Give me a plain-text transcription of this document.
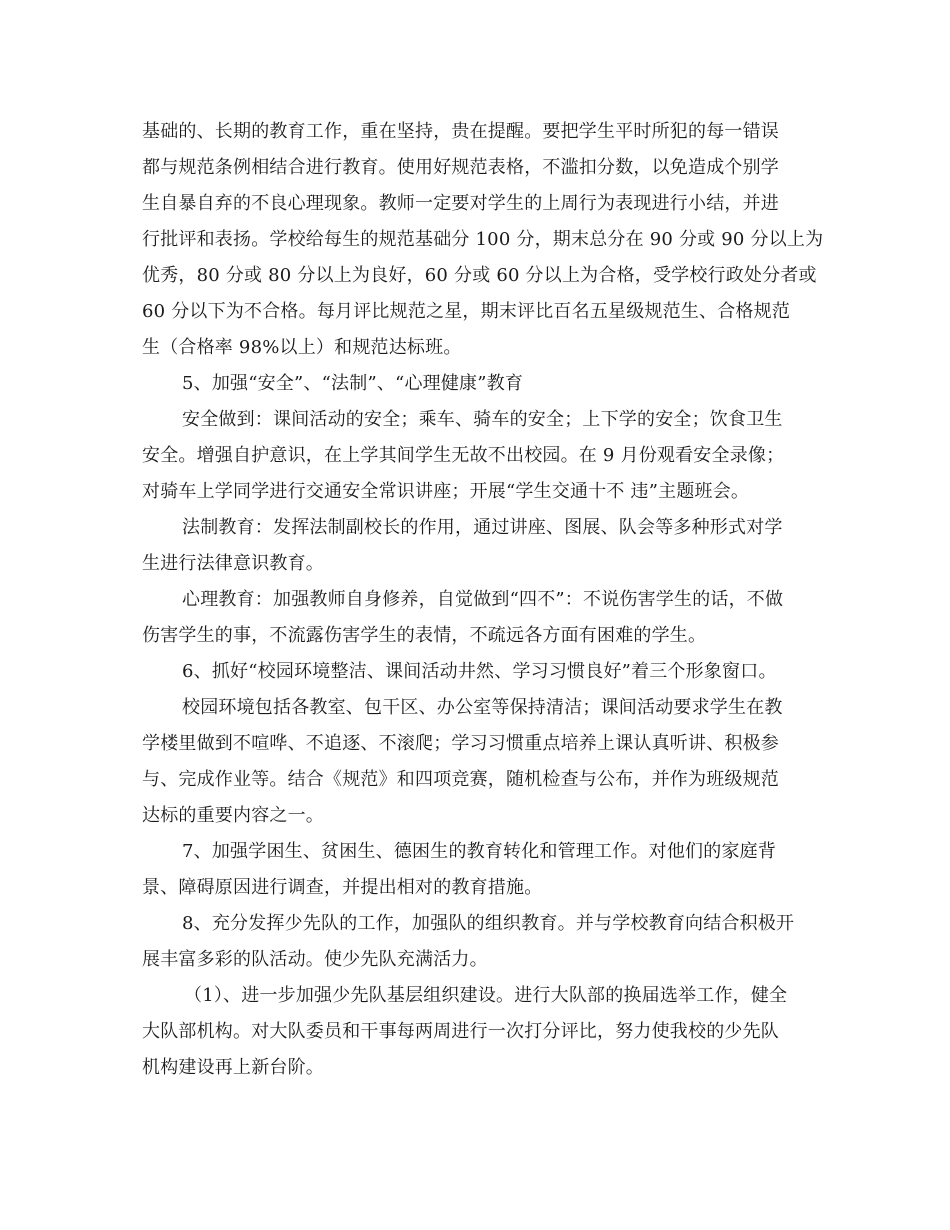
基础的、长期的教育工作，重在坚持，贵在提醒。要把学生平时所犯的每一错误
都与规范条例相结合进行教育。使用好规范表格，不滥扣分数，以免造成个别学
生自暴自弃的不良心理现象。教师一定要对学生的上周行为表现进行小结，并进
行批评和表扬。学校给每生的规范基础分 100 分，期末总分在 90 分或 90 分以上为
优秀，80 分或 80 分以上为良好，60 分或 60 分以上为合格，受学校行政处分者或
60 分以下为不合格。每月评比规范之星，期末评比百名五星级规范生、合格规范
生（合格率 98%以上）和规范达标班。
5、加强“安全”、“法制”、“心理健康”教育
安全做到：课间活动的安全；乘车、骑车的安全；上下学的安全；饮食卫生
安全。增强自护意识，在上学其间学生无故不出校园。在 9 月份观看安全录像；
对骑车上学同学进行交通安全常识讲座；开展“学生交通十不 违”主题班会。
法制教育：发挥法制副校长的作用，通过讲座、图展、队会等多种形式对学
生进行法律意识教育。
心理教育：加强教师自身修养，自觉做到“四不”：不说伤害学生的话，不做
伤害学生的事，不流露伤害学生的表情，不疏远各方面有困难的学生。
6、抓好“校园环境整洁、课间活动井然、学习习惯良好”着三个形象窗口。
校园环境包括各教室、包干区、办公室等保持清洁；课间活动要求学生在教
学楼里做到不喧哗、不追逐、不滚爬；学习习惯重点培养上课认真听讲、积极参
与、完成作业等。结合《规范》和四项竞赛，随机检查与公布，并作为班级规范
达标的重要内容之一。
7、加强学困生、贫困生、德困生的教育转化和管理工作。对他们的家庭背
景、障碍原因进行调查，并提出相对的教育措施。
8、充分发挥少先队的工作，加强队的组织教育。并与学校教育向结合积极开
展丰富多彩的队活动。使少先队充满活力。
（1）、进一步加强少先队基层组织建设。进行大队部的换届选举工作，健全
大队部机构。对大队委员和干事每两周进行一次打分评比，努力使我校的少先队
机构建设再上新台阶。
